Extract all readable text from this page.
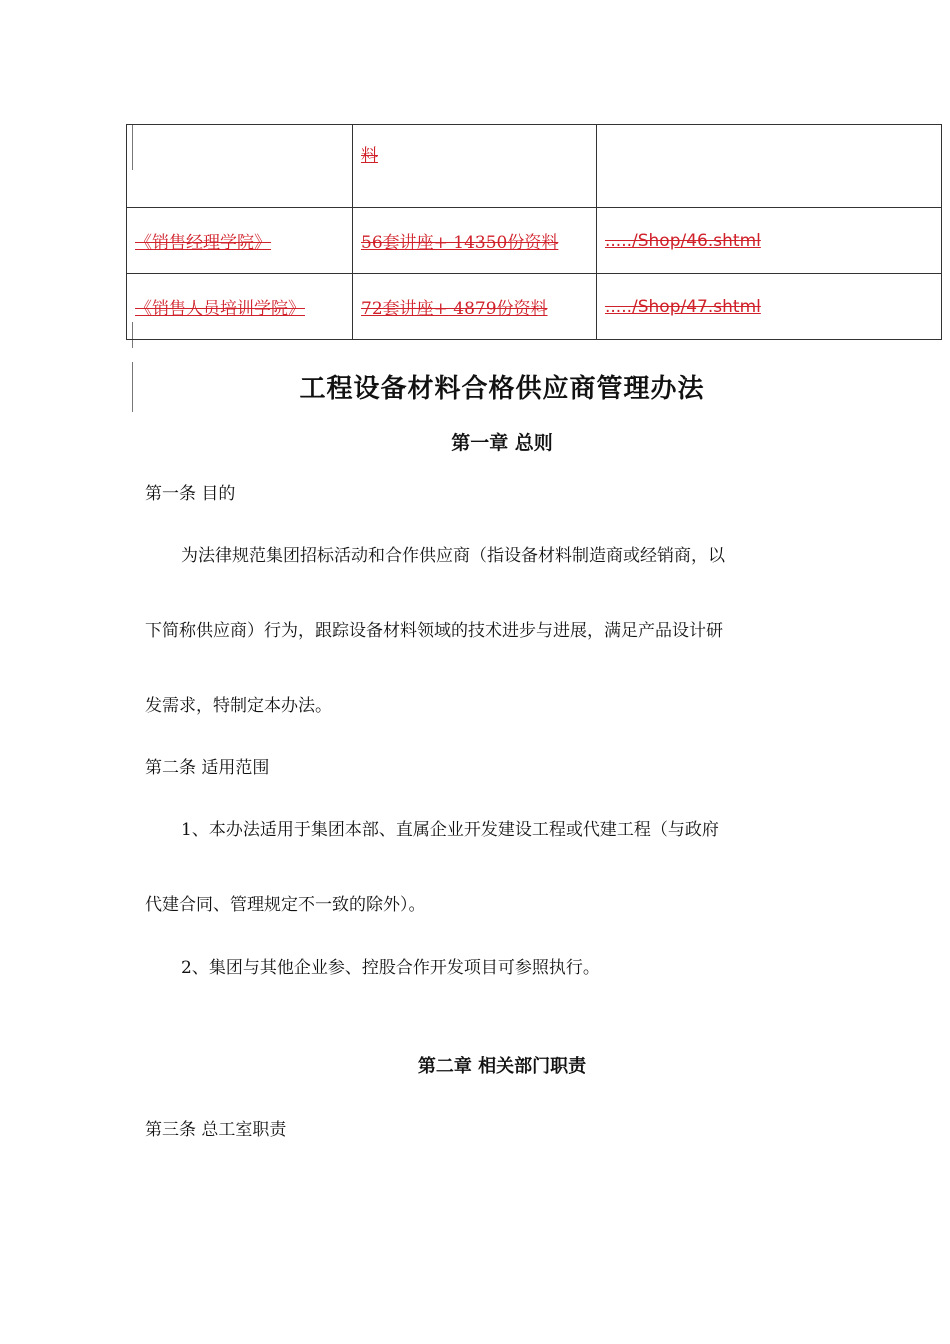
	料	
《销售经理学院》	56套讲座+ 14350份资料	...../Shop/46.shtml
《销售人员培训学院》	72套讲座+ 4879份资料	...../Shop/47.shtml
工程设备材料合格供应商管理办法
第一章 总则
第一条 目的
为法律规范集团招标活动和合作供应商（指设备材料制造商或经销商，以
下简称供应商）行为，跟踪设备材料领域的技术进步与进展，满足产品设计研
发需求，特制定本办法。
第二条 适用范围
1、本办法适用于集团本部、直属企业开发建设工程或代建工程（与政府
代建合同、管理规定不一致的除外）。
2、集团与其他企业参、控股合作开发项目可参照执行。
第二章 相关部门职责
第三条 总工室职责
